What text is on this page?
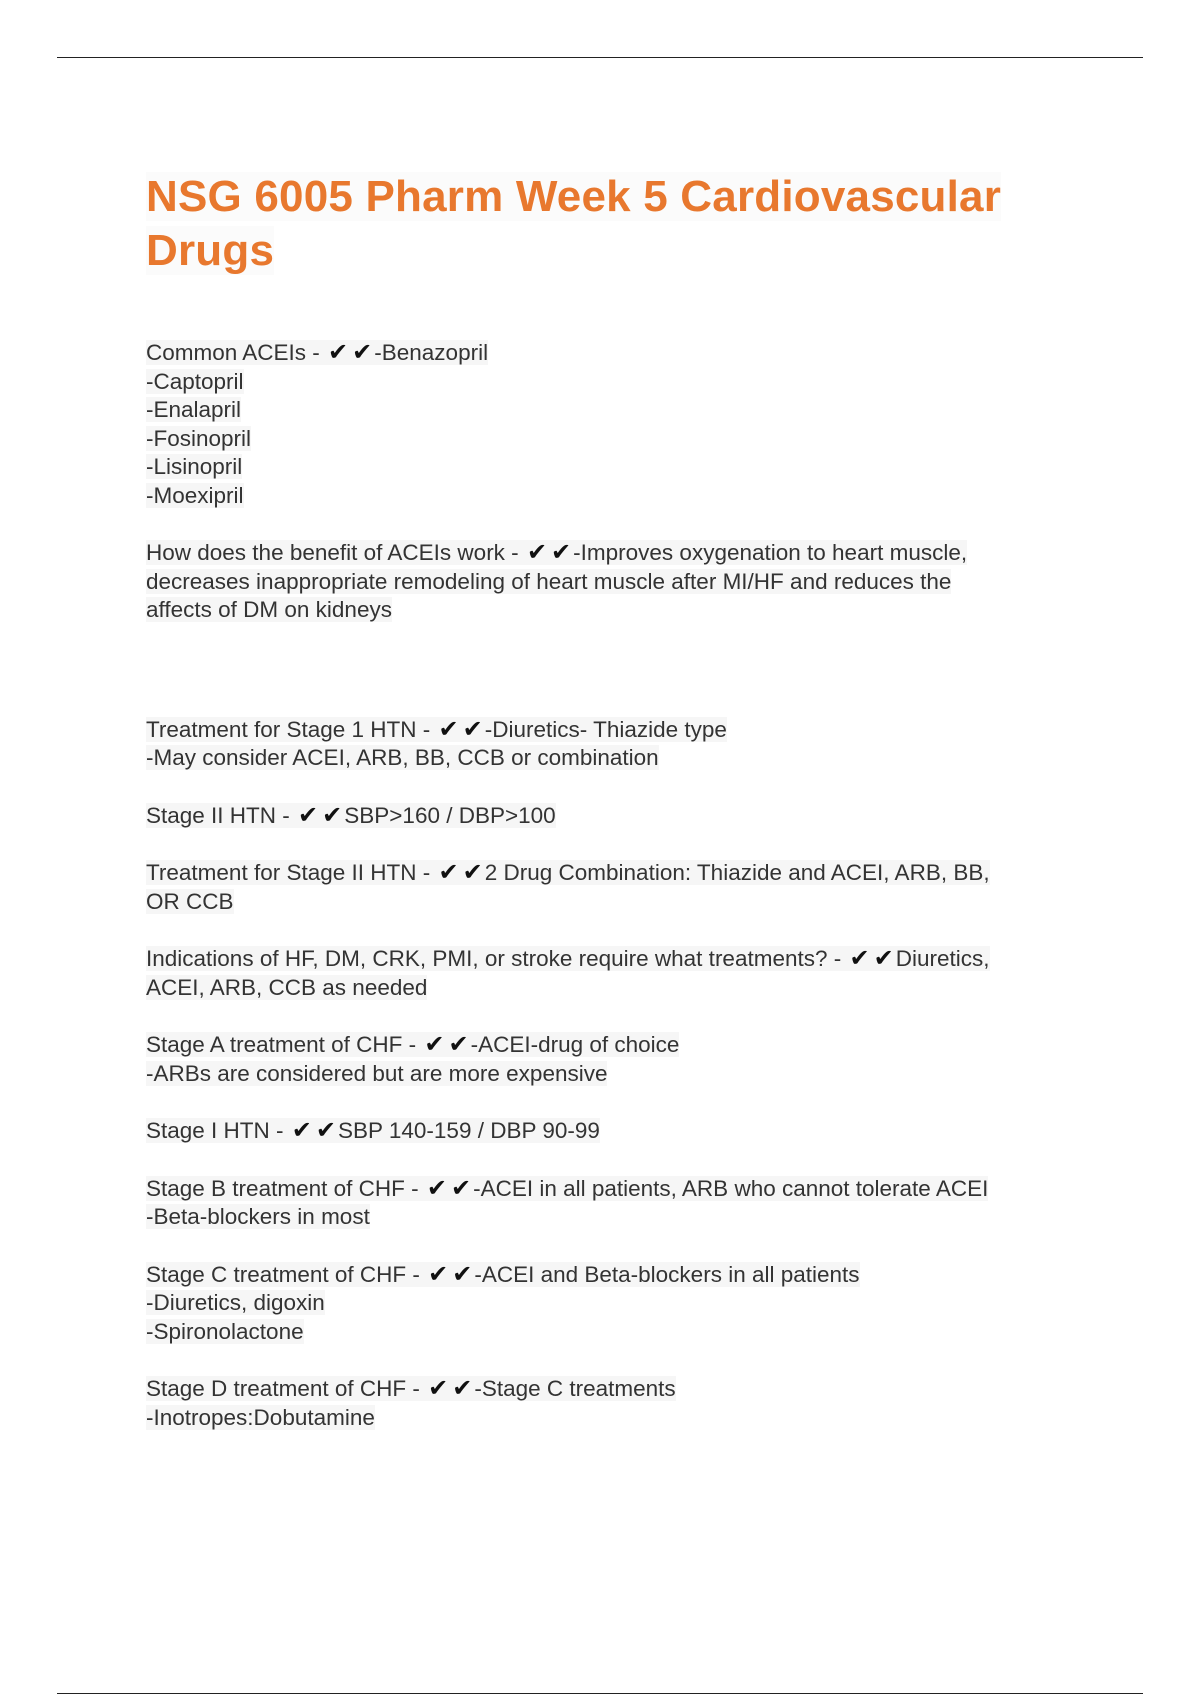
NSG 6005 Pharm Week 5 Cardiovascular
Drugs
Common ACEIs - ✔ ✔-Benazopril
-Captopril
-Enalapril
-Fosinopril
-Lisinopril
-Moexipril
How does the benefit of ACEIs work - ✔ ✔-Improves oxygenation to heart muscle,
decreases inappropriate remodeling of heart muscle after MI/HF and reduces the
affects of DM on kidneys
Treatment for Stage 1 HTN - ✔ ✔-Diuretics- Thiazide type
-May consider ACEI, ARB, BB, CCB or combination
Stage II HTN - ✔ ✔SBP>160 / DBP>100
Treatment for Stage II HTN - ✔ ✔2 Drug Combination: Thiazide and ACEI, ARB, BB,
OR CCB
Indications of HF, DM, CRK, PMI, or stroke require what treatments? - ✔ ✔Diuretics,
ACEI, ARB, CCB as needed
Stage A treatment of CHF - ✔ ✔-ACEI-drug of choice
-ARBs are considered but are more expensive
Stage I HTN - ✔ ✔SBP 140-159 / DBP 90-99
Stage B treatment of CHF - ✔ ✔-ACEI in all patients, ARB who cannot tolerate ACEI
-Beta-blockers in most
Stage C treatment of CHF - ✔ ✔-ACEI and Beta-blockers in all patients
-Diuretics, digoxin
-Spironolactone
Stage D treatment of CHF - ✔ ✔-Stage C treatments
-Inotropes:Dobutamine
